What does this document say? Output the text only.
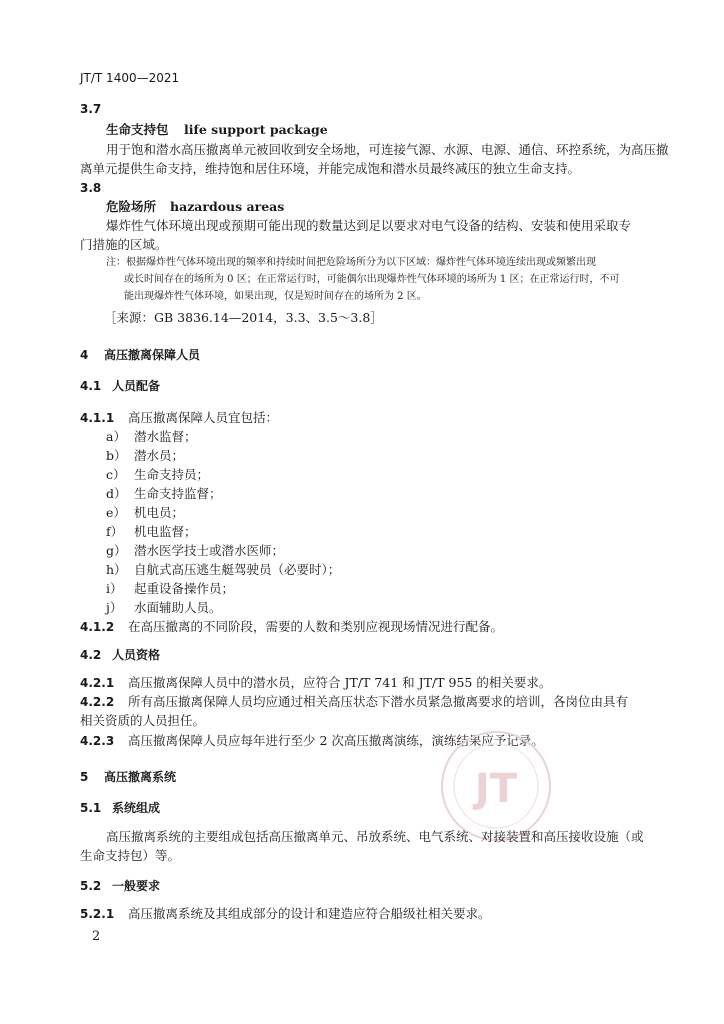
JT/T 1400—2021
3.7
生命支持包 life support package
用于饱和潜水高压撤离单元被回收到安全场地，可连接气源、水源、电源、通信、环控系统，为高压撤
离单元提供生命支持，维持饱和居住环境，并能完成饱和潜水员最终减压的独立生命支持。
3.8
危险场所 hazardous areas
爆炸性气体环境出现或预期可能出现的数量达到足以要求对电气设备的结构、安装和使用采取专
门措施的区域。
注：根据爆炸性气体环境出现的频率和持续时间把危险场所分为以下区域：爆炸性气体环境连续出现或频繁出现
或长时间存在的场所为 0 区；在正常运行时，可能偶尔出现爆炸性气体环境的场所为 1 区；在正常运行时，不可
能出现爆炸性气体环境，如果出现，仅是短时间存在的场所为 2 区。
［来源：GB 3836.14—2014，3.3、3.5～3.8］
4 高压撤离保障人员
4.1 人员配备
4.1.1 高压撤离保障人员宜包括：
a） 潜水监督；
b） 潜水员；
c） 生命支持员；
d） 生命支持监督；
e） 机电员；
f） 机电监督；
g） 潜水医学技士或潜水医师；
h） 自航式高压逃生艇驾驶员（必要时）；
i） 起重设备操作员；
j） 水面辅助人员。
4.1.2 在高压撤离的不同阶段，需要的人数和类别应视现场情况进行配备。
4.2 人员资格
4.2.1 高压撤离保障人员中的潜水员，应符合 JT/T 741 和 JT/T 955 的相关要求。
4.2.2 所有高压撤离保障人员均应通过相关高压状态下潜水员紧急撤离要求的培训，各岗位由具有
相关资质的人员担任。
4.2.3 高压撤离保障人员应每年进行至少 2 次高压撤离演练，演练结果应予记录。
JT
5 高压撤离系统
5.1 系统组成
高压撤离系统的主要组成包括高压撤离单元、吊放系统、电气系统、对接装置和高压接收设施（或
生命支持包）等。
5.2 一般要求
5.2.1 高压撤离系统及其组成部分的设计和建造应符合船级社相关要求。
2
